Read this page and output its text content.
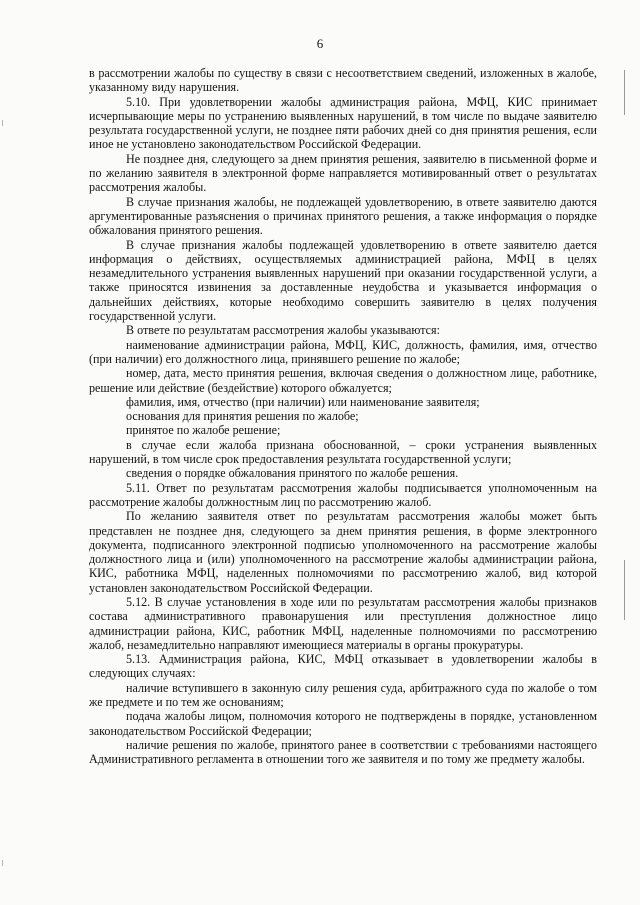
6

в рассмотрении жалобы по существу в связи с несоответствием сведений, изложенных в жалобе, указанному виду нарушения.

5.10. При удовлетворении жалобы администрация района, МФЦ, КИС принимает исчерпывающие меры по устранению выявленных нарушений, в том числе по выдаче заявителю результата государственной услуги, не позднее пяти рабочих дней со дня принятия решения, если иное не установлено законодательством Российской Федерации.

Не позднее дня, следующего за днем принятия решения, заявителю в письменной форме и по желанию заявителя в электронной форме направляется мотивированный ответ о результатах рассмотрения жалобы.

В случае признания жалобы, не подлежащей удовлетворению, в ответе заявителю даются аргументированные разъяснения о причинах принятого решения, а также информация о порядке обжалования принятого решения.

В случае признания жалобы подлежащей удовлетворению в ответе заявителю дается информация о действиях, осуществляемых администрацией района, МФЦ в целях незамедлительного устранения выявленных нарушений при оказании государственной услуги, а также приносятся извинения за доставленные неудобства и указывается информация о дальнейших действиях, которые необходимо совершить заявителю в целях получения государственной услуги.

В ответе по результатам рассмотрения жалобы указываются:

наименование администрации района, МФЦ, КИС, должность, фамилия, имя, отчество (при наличии) его должностного лица, принявшего решение по жалобе;

номер, дата, место принятия решения, включая сведения о должностном лице, работнике, решение или действие (бездействие) которого обжалуется;

фамилия, имя, отчество (при наличии) или наименование заявителя;

основания для принятия решения по жалобе;

принятое по жалобе решение;

в случае если жалоба признана обоснованной, – сроки устранения выявленных нарушений, в том числе срок предоставления результата государственной услуги;

сведения о порядке обжалования принятого по жалобе решения.

5.11. Ответ по результатам рассмотрения жалобы подписывается уполномоченным на рассмотрение жалобы должностным лиц по рассмотрению жалоб.

По желанию заявителя ответ по результатам рассмотрения жалобы может быть представлен не позднее дня, следующего за днем принятия решения, в форме электронного документа, подписанного электронной подписью уполномоченного на рассмотрение жалобы должностного лица и (или) уполномоченного на рассмотрение жалобы администрации района, КИС, работника МФЦ, наделенных полномочиями по рассмотрению жалоб, вид которой установлен законодательством Российской Федерации.

5.12. В случае установления в ходе или по результатам рассмотрения жалобы признаков состава административного правонарушения или преступления должностное лицо администрации района, КИС, работник МФЦ, наделенные полномочиями по рассмотрению жалоб, незамедлительно направляют имеющиеся материалы в органы прокуратуры.

5.13. Администрация района, КИС, МФЦ отказывает в удовлетворении жалобы в следующих случаях:

наличие вступившего в законную силу решения суда, арбитражного суда по жалобе о том же предмете и по тем же основаниям;

подача жалобы лицом, полномочия которого не подтверждены в порядке, установленном законодательством Российской Федерации;

наличие решения по жалобе, принятого ранее в соответствии с требованиями настоящего Административного регламента в отношении того же заявителя и по тому же предмету жалобы.
